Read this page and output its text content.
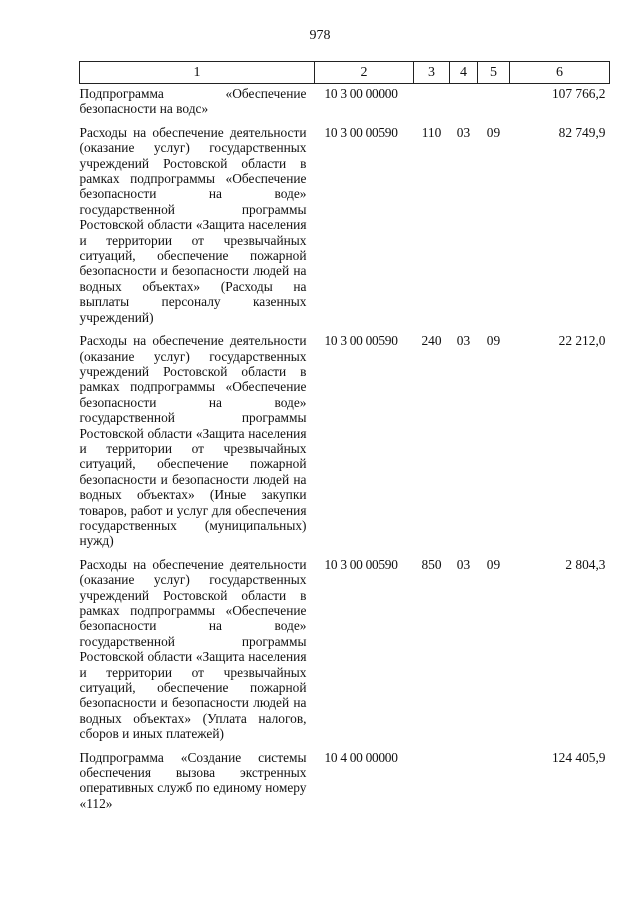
978
1	2	3	4	5	6
Подпрограмма «Обеспечение безопасности на водс»	10 3 00 00000				107 766,2
Расходы на обеспечение деятельности (оказание услуг) государственных учреждений Ростовской области в рамках подпрограммы «Обеспечение безопасности на воде» государственной программы Ростовской области «Защита населения и территории от чрезвычайных ситуаций, обеспечение пожарной безопасности и безопасности людей на водных объектах» (Расходы на выплаты персоналу казенных учреждений)	10 3 00 00590	110	03	09	82 749,9
Расходы на обеспечение деятельности (оказание услуг) государственных учреждений Ростовской области в рамках подпрограммы «Обеспечение безопасности на воде» государственной программы Ростовской области «Защита населения и территории от чрезвычайных ситуаций, обеспечение пожарной безопасности и безопасности людей на водных объектах» (Иные закупки товаров, работ и услуг для обеспечения государственных (муниципальных) нужд)	10 3 00 00590	240	03	09	22 212,0
Расходы на обеспечение деятельности (оказание услуг) государственных учреждений Ростовской области в рамках подпрограммы «Обеспечение безопасности на воде» государственной программы Ростовской области «Защита населения и территории от чрезвычайных ситуаций, обеспечение пожарной безопасности и безопасности людей на водных объектах» (Уплата налогов, сборов и иных платежей)	10 3 00 00590	850	03	09	2 804,3
Подпрограмма «Создание системы обеспечения вызова экстренных оперативных служб по единому номеру «112»	10 4 00 00000				124 405,9
